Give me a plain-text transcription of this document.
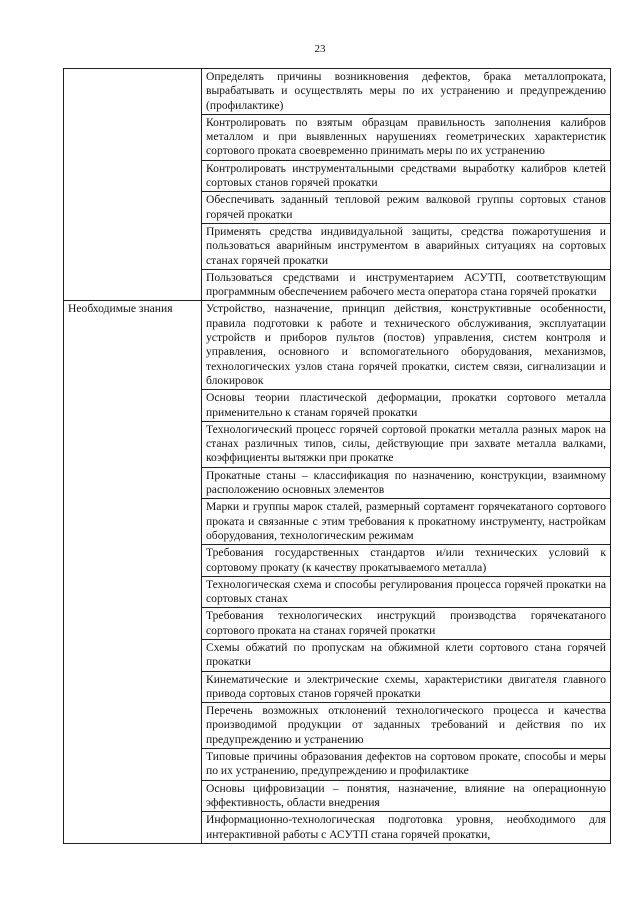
23
	Определять причины возникновения дефектов, брака металлопроката, вырабатывать и осуществлять меры по их устранению и предупреждению (профилактике)
	Контролировать по взятым образцам правильность заполнения калибров металлом и при выявленных нарушениях геометрических характеристик сортового проката своевременно принимать меры по их устранению
	Контролировать инструментальными средствами выработку калибров клетей сортовых станов горячей прокатки
	Обеспечивать заданный тепловой режим валковой группы сортовых станов горячей прокатки
	Применять средства индивидуальной защиты, средства пожаротушения и пользоваться аварийным инструментом в аварийных ситуациях на сортовых станах горячей прокатки
	Пользоваться средствами и инструментарием АСУТП, соответствующим программным обеспечением рабочего места оператора стана горячей прокатки
Необходимые знания	Устройство, назначение, принцип действия, конструктивные особенности, правила подготовки к работе и технического обслуживания, эксплуатации устройств и приборов пультов (постов) управления, систем контроля и управления, основного и вспомогательного оборудования, механизмов, технологических узлов стана горячей прокатки, систем связи, сигнализации и блокировок
	Основы теории пластической деформации, прокатки сортового металла применительно к станам горячей прокатки
	Технологический процесс горячей сортовой прокатки металла разных марок на станах различных типов, силы, действующие при захвате металла валками, коэффициенты вытяжки при прокатке
	Прокатные станы – классификация по назначению, конструкции, взаимному расположению основных элементов
	Марки и группы марок сталей, размерный сортамент горячекатаного сортового проката и связанные с этим требования к прокатному инструменту, настройкам оборудования, технологическим режимам
	Требования государственных стандартов и/или технических условий к сортовому прокату (к качеству прокатываемого металла)
	Технологическая схема и способы регулирования процесса горячей прокатки на сортовых станах
	Требования технологических инструкций производства горячекатаного сортового проката на станах горячей прокатки
	Схемы обжатий по пропускам на обжимной клети сортового стана горячей прокатки
	Кинематические и электрические схемы, характеристики двигателя главного привода сортовых станов горячей прокатки
	Перечень возможных отклонений технологического процесса и качества производимой продукции от заданных требований и действия по их предупреждению и устранению
	Типовые причины образования дефектов на сортовом прокате, способы и меры по их устранению, предупреждению и профилактике
	Основы цифровизации – понятия, назначение, влияние на операционную эффективность, области внедрения
	Информационно-технологическая подготовка уровня, необходимого для интерактивной работы с АСУТП стана горячей прокатки,
